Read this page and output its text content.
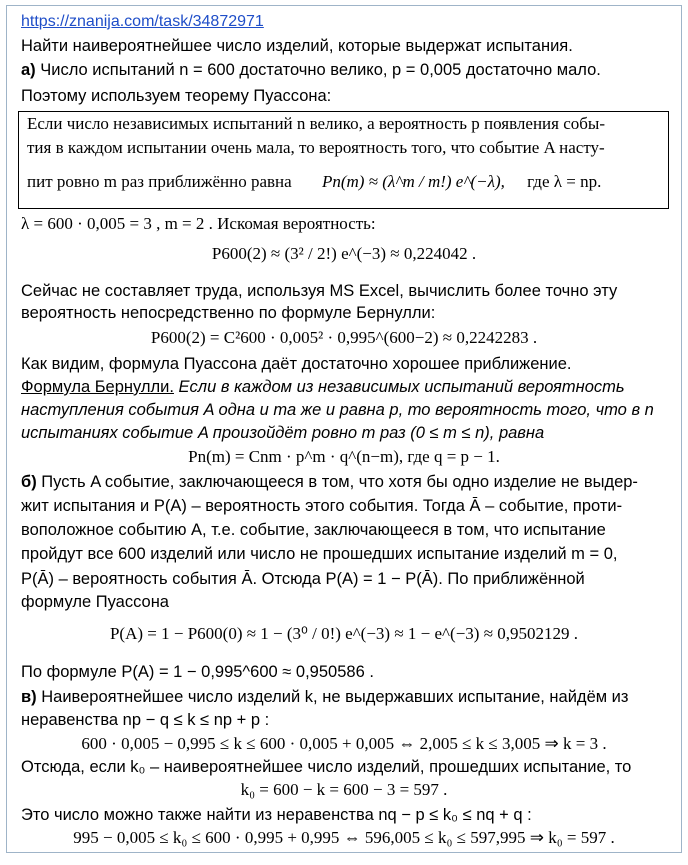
https://znanija.com/task/34872971
Найти наивероятнейшее число изделий, которые выдержат испытания.
а) Число испытаний n = 600 достаточно велико, p = 0,005 достаточно мало.
Поэтому используем теорему Пуассона:
Если число независимых испытаний n велико, а вероятность p появления собы-
тия в каждом испытании очень мала, то вероятность того, что событие A насту-
пит ровно m раз приближённо равна Pn(m) ≈ (λ^m / m!) e^(−λ), где λ = np.
λ = 600 · 0,005 = 3 , m = 2 . Искомая вероятность:
P600(2) ≈ (3² / 2!) e^(−3) ≈ 0,224042 .
Сейчас не составляет труда, используя MS Excel, вычислить более точно эту
вероятность непосредственно по формуле Бернулли:
P600(2) = C²600 · 0,005² · 0,995^(600−2) ≈ 0,2242283 .
Как видим, формула Пуассона даёт достаточно хорошее приближение.
Формула Бернулли. Если в каждом из независимых испытаний вероятность
наступления события A одна и та же и равна p, то вероятность того, что в n
испытаниях событие A произойдёт ровно m раз (0 ≤ m ≤ n), равна
Pn(m) = Cnm · p^m · q^(n−m), где q = p − 1.
б) Пусть A событие, заключающееся в том, что хотя бы одно изделие не выдер-
жит испытания и P(A) – вероятность этого события. Тогда Ā – событие, проти-
воположное событию A, т.е. событие, заключающееся в том, что испытание
пройдут все 600 изделий или число не прошедших испытание изделий m = 0,
P(Ā) – вероятность события Ā. Отсюда P(A) = 1 − P(Ā). По приближённой
формуле Пуассона
P(A) = 1 − P600(0) ≈ 1 − (3⁰ / 0!) e^(−3) ≈ 1 − e^(−3) ≈ 0,9502129 .
По формуле P(A) = 1 − 0,995^600 ≈ 0,950586 .
в) Наивероятнейшее число изделий k, не выдержавших испытание, найдём из
неравенства np − q ≤ k ≤ np + p :
600 · 0,005 − 0,995 ≤ k ≤ 600 · 0,005 + 0,005 ⇔ 2,005 ≤ k ≤ 3,005 ⇒ k = 3 .
Отсюда, если k₀ – наивероятнейшее число изделий, прошедших испытание, то
k₀ = 600 − k = 600 − 3 = 597 .
Это число можно также найти из неравенства nq − p ≤ k₀ ≤ nq + q :
995 − 0,005 ≤ k₀ ≤ 600 · 0,995 + 0,995 ⇔ 596,005 ≤ k₀ ≤ 597,995 ⇒ k₀ = 597 .
